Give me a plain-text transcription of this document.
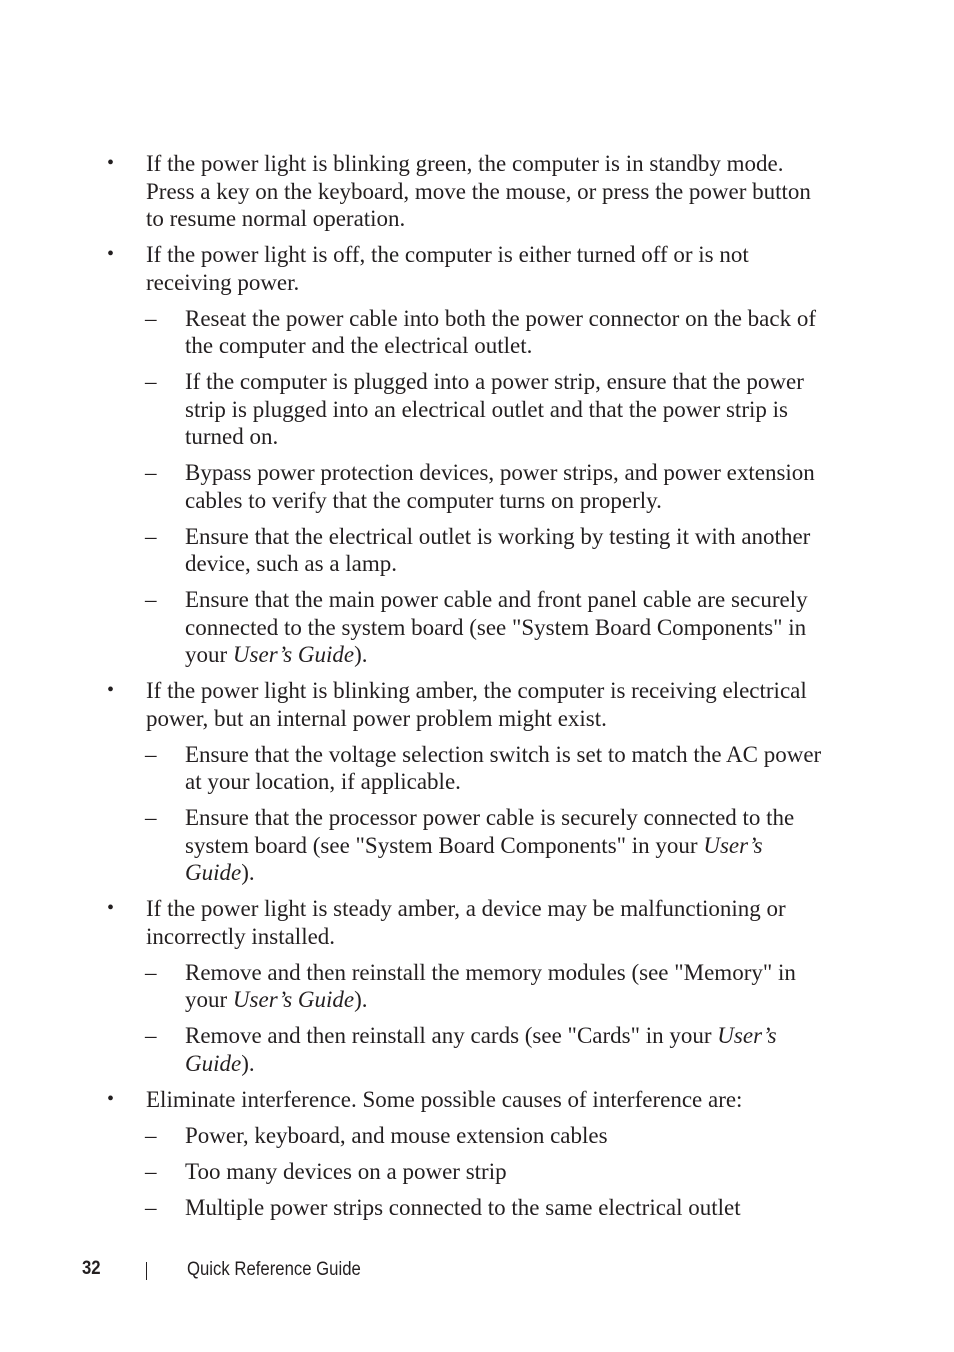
• If the power light is blinking green, the computer is in standby mode. Press a key on the keyboard, move the mouse, or press the power button to resume normal operation.
• If the power light is off, the computer is either turned off or is not receiving power.
– Reseat the power cable into both the power connector on the back of the computer and the electrical outlet.
– If the computer is plugged into a power strip, ensure that the power strip is plugged into an electrical outlet and that the power strip is turned on.
– Bypass power protection devices, power strips, and power extension cables to verify that the computer turns on properly.
– Ensure that the electrical outlet is working by testing it with another device, such as a lamp.
– Ensure that the main power cable and front panel cable are securely connected to the system board (see "System Board Components" in your User’s Guide).
• If the power light is blinking amber, the computer is receiving electrical power, but an internal power problem might exist.
– Ensure that the voltage selection switch is set to match the AC power at your location, if applicable.
– Ensure that the processor power cable is securely connected to the system board (see "System Board Components" in your User’s Guide).
• If the power light is steady amber, a device may be malfunctioning or incorrectly installed.
– Remove and then reinstall the memory modules (see "Memory" in your User’s Guide).
– Remove and then reinstall any cards (see "Cards" in your User’s Guide).
• Eliminate interference. Some possible causes of interference are:
– Power, keyboard, and mouse extension cables
– Too many devices on a power strip
– Multiple power strips connected to the same electrical outlet
32	Quick Reference Guide
